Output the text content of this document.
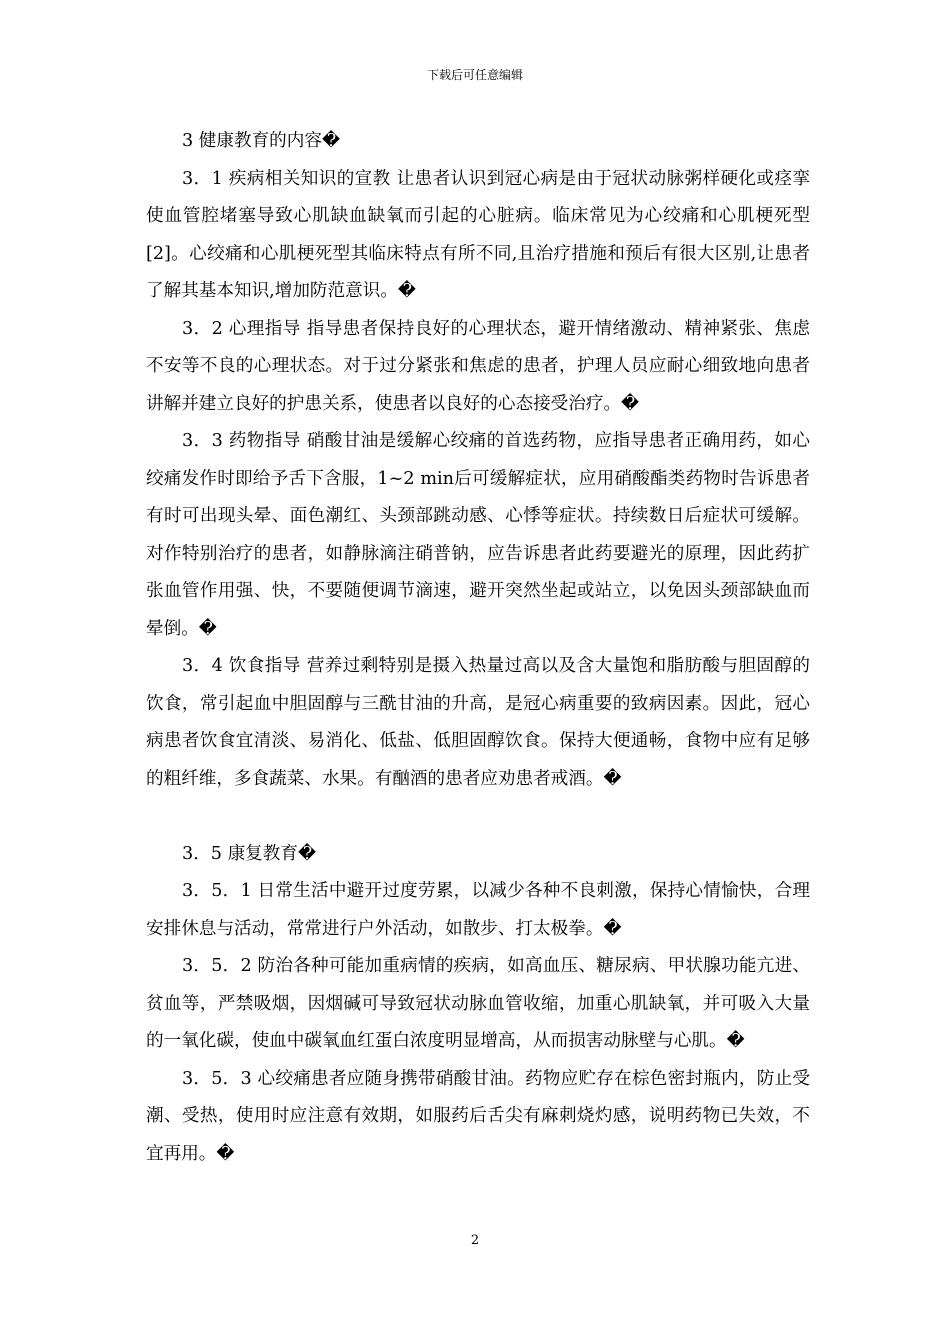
下载后可任意编辑

3 健康教育的内容�

3．1 疾病相关知识的宣教 让患者认识到冠心病是由于冠状动脉粥样硬化或痉挛使血管腔堵塞导致心肌缺血缺氧而引起的心脏病。临床常见为心绞痛和心肌梗死型[2]。心绞痛和心肌梗死型其临床特点有所不同,且治疗措施和预后有很大区别,让患者了解其基本知识,增加防范意识。�

3．2 心理指导 指导患者保持良好的心理状态，避开情绪激动、精神紧张、焦虑不安等不良的心理状态。对于过分紧张和焦虑的患者，护理人员应耐心细致地向患者讲解并建立良好的护患关系，使患者以良好的心态接受治疗。�

3．3 药物指导 硝酸甘油是缓解心绞痛的首选药物，应指导患者正确用药，如心绞痛发作时即给予舌下含服，1~2 min后可缓解症状，应用硝酸酯类药物时告诉患者有时可出现头晕、面色潮红、头颈部跳动感、心悸等症状。持续数日后症状可缓解。对作特别治疗的患者，如静脉滴注硝普钠，应告诉患者此药要避光的原理，因此药扩张血管作用强、快，不要随便调节滴速，避开突然坐起或站立，以免因头颈部缺血而晕倒。�

3．4 饮食指导 营养过剩特别是摄入热量过高以及含大量饱和脂肪酸与胆固醇的饮食，常引起血中胆固醇与三酰甘油的升高，是冠心病重要的致病因素。因此，冠心病患者饮食宜清淡、易消化、低盐、低胆固醇饮食。保持大便通畅，食物中应有足够的粗纤维，多食蔬菜、水果。有酗酒的患者应劝患者戒酒。�

3．5 康复教育�

3．5．1 日常生活中避开过度劳累，以减少各种不良刺激，保持心情愉快，合理安排休息与活动，常常进行户外活动，如散步、打太极拳。�

3．5．2 防治各种可能加重病情的疾病，如高血压、糖尿病、甲状腺功能亢进、贫血等，严禁吸烟，因烟碱可导致冠状动脉血管收缩，加重心肌缺氧，并可吸入大量的一氧化碳，使血中碳氧血红蛋白浓度明显增高，从而损害动脉壁与心肌。�

3．5．3 心绞痛患者应随身携带硝酸甘油。药物应贮存在棕色密封瓶内，防止受潮、受热，使用时应注意有效期，如服药后舌尖有麻刺烧灼感，说明药物已失效，不宜再用。�

2
